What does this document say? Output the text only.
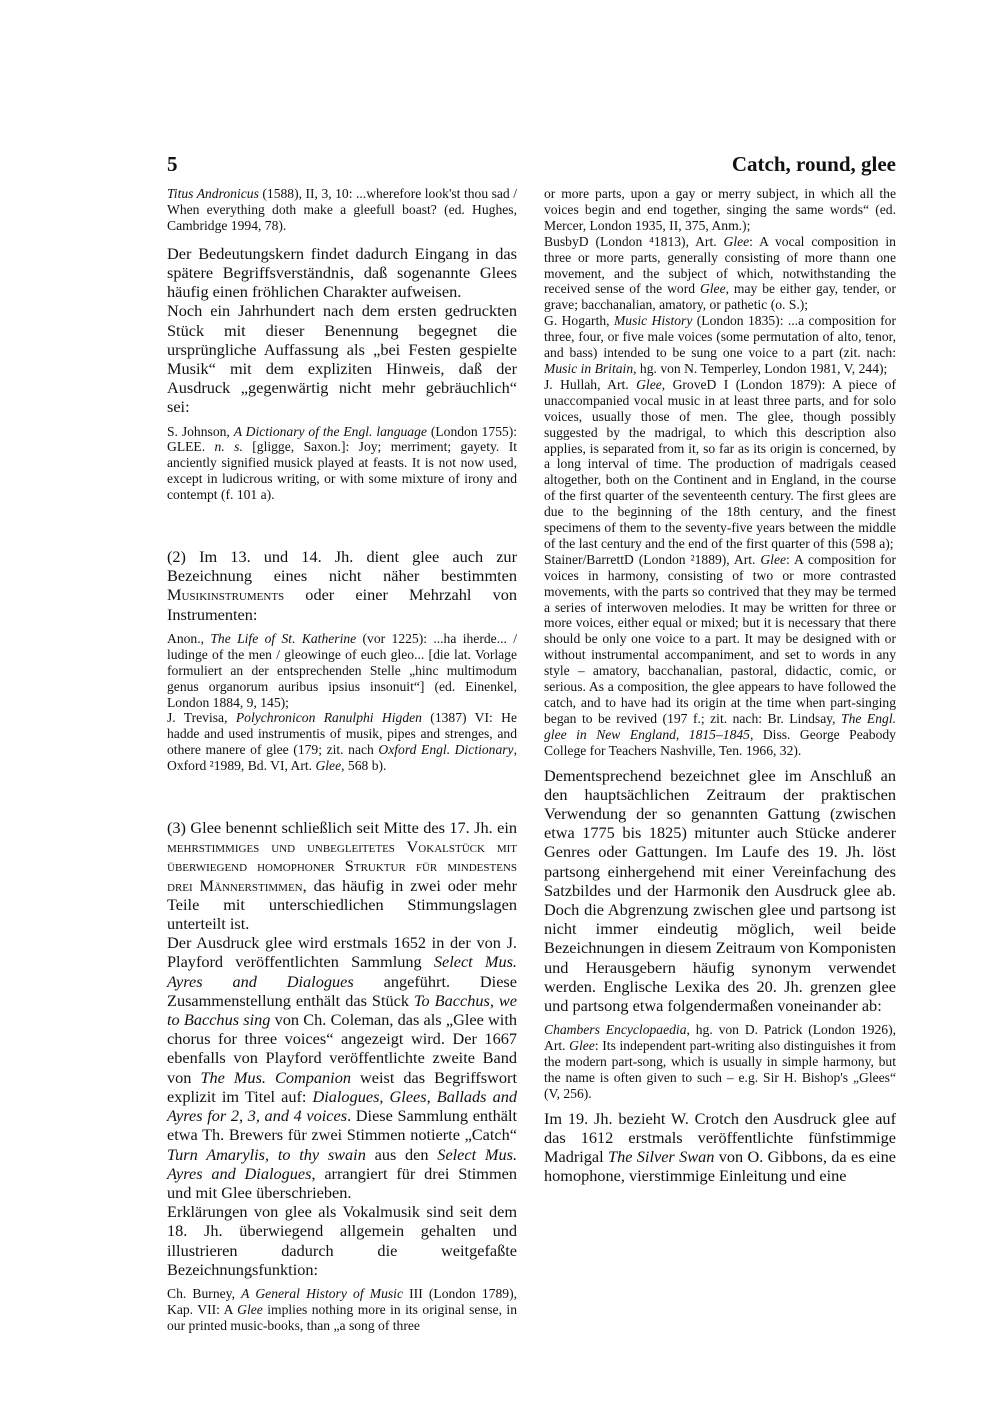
5	Catch, round, glee

Titus Andronicus (1588), II, 3, 10: ...wherefore look'st thou sad / When everything doth make a gleefull boast? (ed. Hughes, Cambridge 1994, 78).

Der Bedeutungskern findet dadurch Eingang in das spätere Begriffsverständnis, daß sogenannte Glees häufig einen fröhlichen Charakter aufweisen.

Noch ein Jahrhundert nach dem ersten gedruckten Stück mit dieser Benennung begegnet die ursprüngliche Auffassung als „bei Festen gespielte Musik“ mit dem expliziten Hinweis, daß der Ausdruck „gegenwärtig nicht mehr gebräuchlich“ sei:

S. Johnson, A Dictionary of the Engl. language (London 1755): GLEE. n. s. [gligge, Saxon.]: Joy; merriment; gayety. It anciently signified musick played at feasts. It is not now used, except in ludicrous writing, or with some mixture of irony and contempt (f. 101 a).

(2) Im 13. und 14. Jh. dient glee auch zur Bezeichnung eines nicht näher bestimmten Musikinstruments oder einer Mehrzahl von Instrumenten:

Anon., The Life of St. Katherine (vor 1225): ...ha iherde... / ludinge of the men / gleowinge of euch gleo... [die lat. Vorlage formuliert an der entsprechenden Stelle „hinc multimodum genus organorum auribus ipsius insonuit“] (ed. Einenkel, London 1884, 9, 145);

J. Trevisa, Polychronicon Ranulphi Higden (1387) VI: He hadde and used instrumentis of musik, pipes and strenges, and othere manere of glee (179; zit. nach Oxford Engl. Dictionary, Oxford ²1989, Bd. VI, Art. Glee, 568 b).

(3) Glee benennt schließlich seit Mitte des 17. Jh. ein mehrstimmiges und unbegleitetes Vokalstück mit überwiegend homophoner Struktur für mindestens drei Männerstimmen, das häufig in zwei oder mehr Teile mit unterschiedlichen Stimmungslagen unterteilt ist.

Der Ausdruck glee wird erstmals 1652 in der von J. Playford veröffentlichten Sammlung Select Mus. Ayres and Dialogues angeführt. Diese Zusammenstellung enthält das Stück To Bacchus, we to Bacchus sing von Ch. Coleman, das als „Glee with chorus for three voices“ angezeigt wird. Der 1667 ebenfalls von Playford veröffentlichte zweite Band von The Mus. Companion weist das Begriffswort explizit im Titel auf: Dialogues, Glees, Ballads and Ayres for 2, 3, and 4 voices. Diese Sammlung enthält etwa Th. Brewers für zwei Stimmen notierte „Catch“ Turn Amarylis, to thy swain aus den Select Mus. Ayres and Dialogues, arrangiert für drei Stimmen und mit Glee überschrieben.

Erklärungen von glee als Vokalmusik sind seit dem 18. Jh. überwiegend allgemein gehalten und illustrieren dadurch die weitgefaßte Bezeichnungsfunktion:

Ch. Burney, A General History of Music III (London 1789), Kap. VII: A Glee implies nothing more in its original sense, in our printed music-books, than „a song of three

or more parts, upon a gay or merry subject, in which all the voices begin and end together, singing the same words“ (ed. Mercer, London 1935, II, 375, Anm.);

BusbyD (London ⁴1813), Art. Glee: A vocal composition in three or more parts, generally consisting of more thann one movement, and the subject of which, notwithstanding the received sense of the word Glee, may be either gay, tender, or grave; bacchanalian, amatory, or pathetic (o. S.);

G. Hogarth, Music History (London 1835): ...a composition for three, four, or five male voices (some permutation of alto, tenor, and bass) intended to be sung one voice to a part (zit. nach: Music in Britain, hg. von N. Temperley, London 1981, V, 244);

J. Hullah, Art. Glee, GroveD I (London 1879): A piece of unaccompanied vocal music in at least three parts, and for solo voices, usually those of men. The glee, though possibly suggested by the madrigal, to which this description also applies, is separated from it, so far as its origin is concerned, by a long interval of time. The production of madrigals ceased altogether, both on the Continent and in England, in the course of the first quarter of the seventeenth century. The first glees are due to the beginning of the 18th century, and the finest specimens of them to the seventy-five years between the middle of the last century and the end of the first quarter of this (598 a);

Stainer/BarrettD (London ²1889), Art. Glee: A composition for voices in harmony, consisting of two or more contrasted movements, with the parts so contrived that they may be termed a series of interwoven melodies. It may be written for three or more voices, either equal or mixed; but it is necessary that there should be only one voice to a part. It may be designed with or without instrumental accompaniment, and set to words in any style – amatory, bacchanalian, pastoral, didactic, comic, or serious. As a composition, the glee appears to have followed the catch, and to have had its origin at the time when part-singing began to be revived (197 f.; zit. nach: Br. Lindsay, The Engl. glee in New England, 1815–1845, Diss. George Peabody College for Teachers Nashville, Ten. 1966, 32).

Dementsprechend bezeichnet glee im Anschluß an den hauptsächlichen Zeitraum der praktischen Verwendung der so genannten Gattung (zwischen etwa 1775 bis 1825) mitunter auch Stücke anderer Genres oder Gattungen. Im Laufe des 19. Jh. löst partsong einhergehend mit einer Vereinfachung des Satzbildes und der Harmonik den Ausdruck glee ab. Doch die Abgrenzung zwischen glee und partsong ist nicht immer eindeutig möglich, weil beide Bezeichnungen in diesem Zeitraum von Komponisten und Herausgebern häufig synonym verwendet werden. Englische Lexika des 20. Jh. grenzen glee und partsong etwa folgendermaßen voneinander ab:

Chambers Encyclopaedia, hg. von D. Patrick (London 1926), Art. Glee: Its independent part-writing also distinguishes it from the modern part-song, which is usually in simple harmony, but the name is often given to such – e.g. Sir H. Bishop's „Glees“ (V, 256).

Im 19. Jh. bezieht W. Crotch den Ausdruck glee auf das 1612 erstmals veröffentlichte fünfstimmige Madrigal The Silver Swan von O. Gibbons, da es eine homophone, vierstimmige Einleitung und eine
